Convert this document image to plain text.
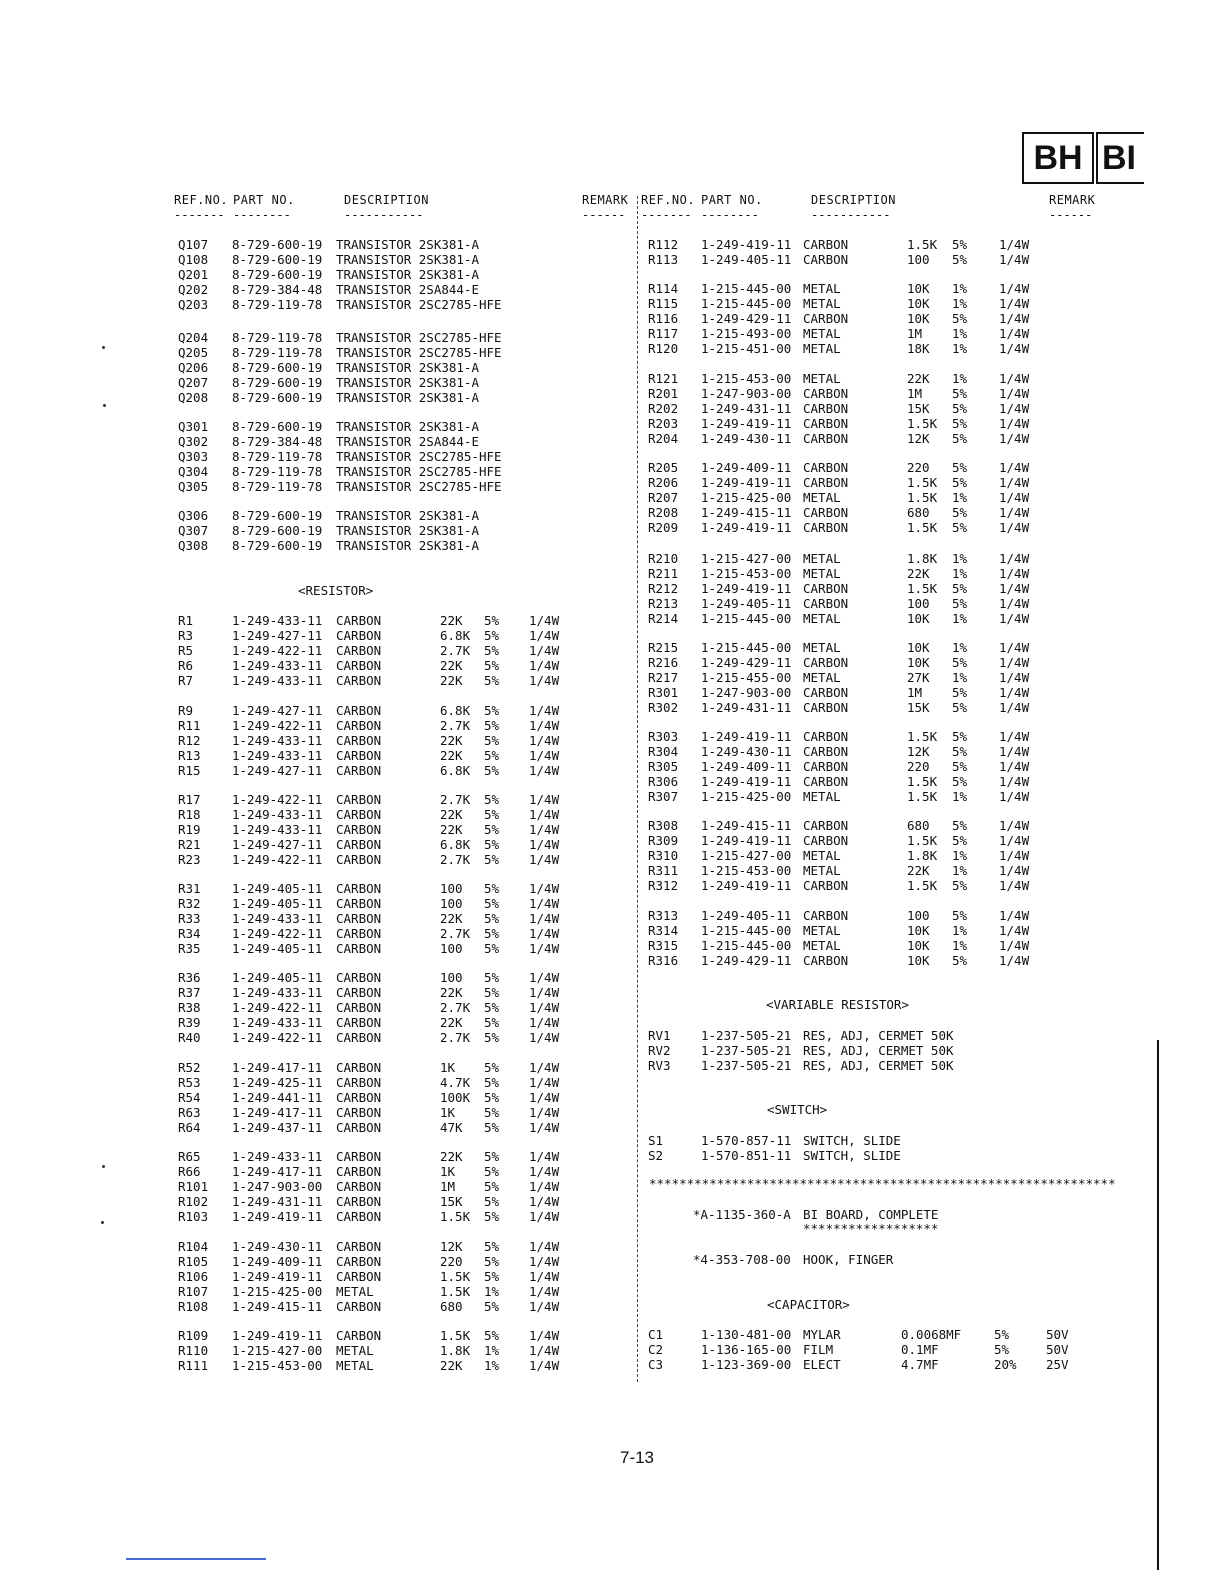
BH BI
REF.NO. PART NO.	DESCRIPTION	REMARK
------- --------	-----------	------
REF.NO. PART NO.	DESCRIPTION	REMARK
------- --------	-----------	------
Q107 8-729-600-19 TRANSISTOR 2SK381-A
Q108 8-729-600-19 TRANSISTOR 2SK381-A
Q201 8-729-600-19 TRANSISTOR 2SK381-A
Q202 8-729-384-48 TRANSISTOR 2SA844-E
Q203 8-729-119-78 TRANSISTOR 2SC2785-HFE
Q204 8-729-119-78 TRANSISTOR 2SC2785-HFE
Q205 8-729-119-78 TRANSISTOR 2SC2785-HFE
Q206 8-729-600-19 TRANSISTOR 2SK381-A
Q207 8-729-600-19 TRANSISTOR 2SK381-A
Q208 8-729-600-19 TRANSISTOR 2SK381-A
Q301 8-729-600-19 TRANSISTOR 2SK381-A
Q302 8-729-384-48 TRANSISTOR 2SA844-E
Q303 8-729-119-78 TRANSISTOR 2SC2785-HFE
Q304 8-729-119-78 TRANSISTOR 2SC2785-HFE
Q305 8-729-119-78 TRANSISTOR 2SC2785-HFE
Q306 8-729-600-19 TRANSISTOR 2SK381-A
Q307 8-729-600-19 TRANSISTOR 2SK381-A
Q308 8-729-600-19 TRANSISTOR 2SK381-A
R1	1-249-433-11 CARBON	22K 5% 1/4W
R3	1-249-427-11 CARBON	6.8K 5% 1/4W
R5	1-249-422-11 CARBON	2.7K 5% 1/4W
R6	1-249-433-11 CARBON	22K 5% 1/4W
R7	1-249-433-11 CARBON	22K 5% 1/4W
R9	1-249-427-11 CARBON	6.8K 5% 1/4W
R11	1-249-422-11 CARBON	2.7K 5% 1/4W
R12	1-249-433-11 CARBON	22K 5% 1/4W
R13	1-249-433-11 CARBON	22K 5% 1/4W
R15	1-249-427-11 CARBON	6.8K 5% 1/4W
R17	1-249-422-11 CARBON	2.7K 5% 1/4W
R18	1-249-433-11 CARBON	22K 5% 1/4W
R19	1-249-433-11 CARBON	22K 5% 1/4W
R21	1-249-427-11 CARBON	6.8K 5% 1/4W
R23	1-249-422-11 CARBON	2.7K 5% 1/4W
R31	1-249-405-11 CARBON	100 5% 1/4W
R32	1-249-405-11 CARBON	100 5% 1/4W
R33	1-249-433-11 CARBON	22K 5% 1/4W
R34	1-249-422-11 CARBON	2.7K 5% 1/4W
R35	1-249-405-11 CARBON	100 5% 1/4W
R36	1-249-405-11 CARBON	100 5% 1/4W
R37	1-249-433-11 CARBON	22K 5% 1/4W
R38	1-249-422-11 CARBON	2.7K 5% 1/4W
R39	1-249-433-11 CARBON	22K 5% 1/4W
R40	1-249-422-11 CARBON	2.7K 5% 1/4W
R52	1-249-417-11 CARBON	1K 5% 1/4W
R53	1-249-425-11 CARBON	4.7K 5% 1/4W
R54	1-249-441-11 CARBON	100K 5% 1/4W
R63	1-249-417-11 CARBON	1K 5% 1/4W
R64	1-249-437-11 CARBON	47K 5% 1/4W
R65	1-249-433-11 CARBON	22K 5% 1/4W
R66	1-249-417-11 CARBON	1K 5% 1/4W
R101 1-247-903-00 CARBON	1M 5% 1/4W
R102 1-249-431-11 CARBON	15K 5% 1/4W
R103 1-249-419-11 CARBON	1.5K 5% 1/4W
R104 1-249-430-11 CARBON	12K 5% 1/4W
R105 1-249-409-11 CARBON	220 5% 1/4W
R106 1-249-419-11 CARBON	1.5K 5% 1/4W
R107 1-215-425-00 METAL	1.5K 1% 1/4W
R108 1-249-415-11 CARBON	680 5% 1/4W
R109 1-249-419-11 CARBON	1.5K 5% 1/4W
R110 1-215-427-00 METAL	1.8K 1% 1/4W
R111 1-215-453-00 METAL	22K 1% 1/4W
R112 1-249-419-11 CARBON	1.5K 5%	1/4W
R113 1-249-405-11 CARBON	100 5%	1/4W
R114 1-215-445-00 METAL	10K 1%	1/4W
R115 1-215-445-00 METAL	10K 1%	1/4W
R116 1-249-429-11 CARBON	10K 5%	1/4W
R117 1-215-493-00 METAL	1M 1%	1/4W
R120 1-215-451-00 METAL	18K 1%	1/4W
R121 1-215-453-00 METAL	22K 1%	1/4W
R201 1-247-903-00 CARBON	1M 5%	1/4W
R202 1-249-431-11 CARBON	15K 5%	1/4W
R203 1-249-419-11 CARBON	1.5K 5%	1/4W
R204 1-249-430-11 CARBON	12K 5%	1/4W
R205 1-249-409-11 CARBON	220 5%	1/4W
R206 1-249-419-11 CARBON	1.5K 5%	1/4W
R207 1-215-425-00 METAL	1.5K 1%	1/4W
R208 1-249-415-11 CARBON	680 5%	1/4W
R209 1-249-419-11 CARBON	1.5K 5%	1/4W
R210 1-215-427-00 METAL	1.8K 1%	1/4W
R211 1-215-453-00 METAL	22K 1%	1/4W
R212 1-249-419-11 CARBON	1.5K 5%	1/4W
R213 1-249-405-11 CARBON	100 5%	1/4W
R214 1-215-445-00 METAL	10K 1%	1/4W
R215 1-215-445-00 METAL	10K 1%	1/4W
R216 1-249-429-11 CARBON	10K 5%	1/4W
R217 1-215-455-00 METAL	27K 1%	1/4W
R301 1-247-903-00 CARBON	1M 5%	1/4W
R302 1-249-431-11 CARBON	15K 5%	1/4W
R303 1-249-419-11 CARBON	1.5K 5%	1/4W
R304 1-249-430-11 CARBON	12K 5%	1/4W
R305 1-249-409-11 CARBON	220 5%	1/4W
R306 1-249-419-11 CARBON	1.5K 5%	1/4W
R307 1-215-425-00 METAL	1.5K 1%	1/4W
R308 1-249-415-11 CARBON	680 5%	1/4W
R309 1-249-419-11 CARBON	1.5K 5%	1/4W
R310 1-215-427-00 METAL	1.8K 1%	1/4W
R311 1-215-453-00 METAL	22K 1%	1/4W
R312 1-249-419-11 CARBON	1.5K 5%	1/4W
R313 1-249-405-11 CARBON	100 5%	1/4W
R314 1-215-445-00 METAL	10K 1%	1/4W
R315 1-215-445-00 METAL	10K 1%	1/4W
R316 1-249-429-11 CARBON	10K 5%	1/4W
RV1 1-237-505-21 RES, ADJ, CERMET 50K
RV2 1-237-505-21 RES, ADJ, CERMET 50K
RV3 1-237-505-21 RES, ADJ, CERMET 50K
S1	1-570-857-11 SWITCH, SLIDE
S2	1-570-851-11 SWITCH, SLIDE
C1	1-130-481-00 MYLAR	0.0068MF	5%	50V
C2	1-136-165-00 FILM	0.1MF	5%	50V
C3	1-123-369-00 ELECT	4.7MF	20% 25V
<RESISTOR>
<VARIABLE RESISTOR>
<SWITCH>
**************************************************************
*A-1135-360-A BI BOARD, COMPLETE
******************
*4-353-708-00 HOOK, FINGER
<CAPACITOR>
7-13
